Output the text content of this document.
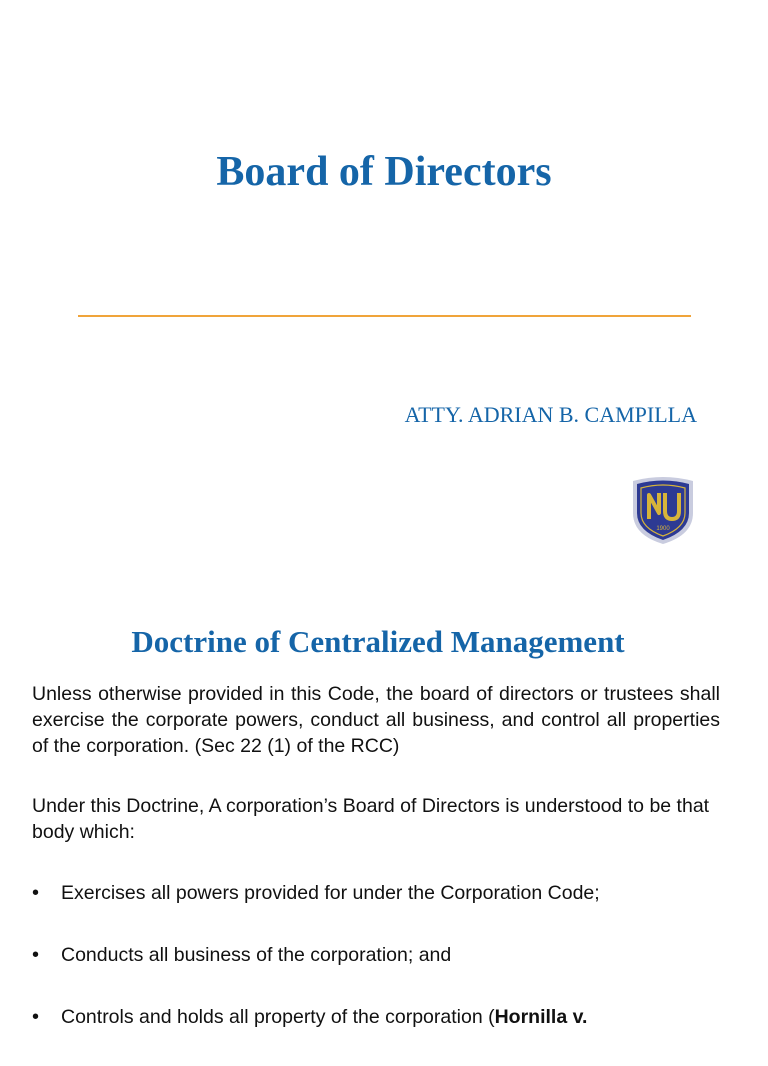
Board of Directors
ATTY. ADRIAN B. CAMPILLA
1900
Doctrine of Centralized Management

Unless otherwise provided in this Code, the board of directors or trustees shall exercise the corporate powers, conduct all business, and control all properties of the corporation. (Sec 22 (1) of the RCC)

Under this Doctrine, A corporation’s Board of Directors is understood to be that body which:

• Exercises all powers provided for under the Corporation Code;
• Conducts all business of the corporation; and
• Controls and holds all property of the corporation (Hornilla v.
